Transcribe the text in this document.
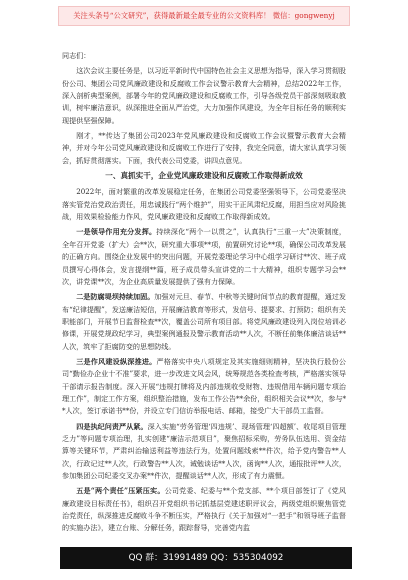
关注头条号“公文研究”，获得最新最全最专业的公文资料库！ 微信：gongwenyj

同志们：

这次会议主要任务是，以习近平新时代中国特色社会主义思想为指导，深入学习贯彻股份公司、集团公司党风廉政建设和反腐败工作会议警示教育大会精神，总结2022年工作，深入剖析典型案例，部署今年的党风廉政建设和反腐败工作，引导各级党员干部深刻吸取教训，树牢廉洁意识，纵深推进全面从严治党，大力加强作风建设，为全年目标任务的顺利实现提供坚强保障。

刚才，**传达了集团公司2023年党风廉政建设和反腐败工作会议暨警示教育大会精神，并对今年公司党风廉政建设和反腐败工作进行了安排，我完全同意，请大家认真学习领会，抓好贯彻落实。下面，我代表公司党委，讲四点意见。

一、真抓实干，企业党风廉政建设和反腐败工作取得新成效

2022年，面对繁重的改革发展稳定任务，在集团公司党委坚强领导下，公司党委坚决落实管党治党政治责任，用忠诚践行“两个维护”，用实干正风肃纪反腐，用担当应对风险挑战，用效果检验能力作风，党风廉政建设和反腐败工作取得新成效。

一是领导作用充分发挥。持续深化“两个一以贯之”，认真执行“三重一大”决策制度，全年召开党委（扩大）会**次，研究重大事项**项，前置研究讨论**项，确保公司改革发展的正确方向。围绕企业发展中的突出问题，开展党委理论学习中心组学习研讨**次、班子成员撰写心得体会，发言提纲**篇，班子成员带头宣讲党的二十大精神，组织专题学习会**次，讲党课**次，为企业高质量发展提供了强有力保障。

二是防腐堤坝持续加固。加强对元旦、春节、中秋等关键时间节点的教育提醒，通过发布“纪律提醒”，发送廉洁短信，开展廉洁教育等形式，发信号、提要求、打预防；组织有关职能部门，开展节日监督检查**次，覆盖公司所有项目部。将党风廉政建设列入岗位培训必修课，开展党规政纪学习，典型案例通报及警示教育活动**人次，不断任前集体廉洁谈话**人次，筑牢了拒腐防变的思想防线。

三是作风建设纵深推进。严格落实中央八项规定及其实施细则精神，坚决执行股份公司“勤俭办企业十不准”要求，进一步改进文风会风，统筹规范各类检查考核，严格落实领导干部请示报告制度。深入开展“违规打牌将及内部违规收受财物、违规借用车辆问题专项治理工作”，制定工作方案，组织整治措施，发布工作公告**余份，组织相关会议**次，参与**人次，签订承诺书**份，并设立专门信访举报电话、邮箱，接受广大干部员工监督。

四是执纪问责严从紧。深入实施“劳务管理‘四违规’、现场管理‘四超额’、收尾项目管理乏力”等问题专项治理，扎实创建“廉洁示范项目”，聚焦招标采购，劳务队伍选用、资金结算等关键环节，严肃纠治输送利益等违法行为，处置问题线索**件次，给予党内警告**人次，行政记过**人次，行政警告**人次，诫勉谈话**人次，函询**人次，通报批评**人次，参加集团公司纪委交叉办案**件次，提醒谈话**人次，形成了有力震慑。

五是“两个责任”压紧压实。公司党委、纪委与**个党支部、**个项目部签订了《党风廉政建设目标责任书》，组织召开党组织书记抓基层党建述职评议会，两级党组织聚焦管党治党责任，纵深推进反腐败斗争不断压实，严格执行《关于加强对“一把手”和领导班子监督的实施办法》，建立台账、分解任务，跟踪督导，完善党内监

QQ 群：31991489 QQ：535304092
